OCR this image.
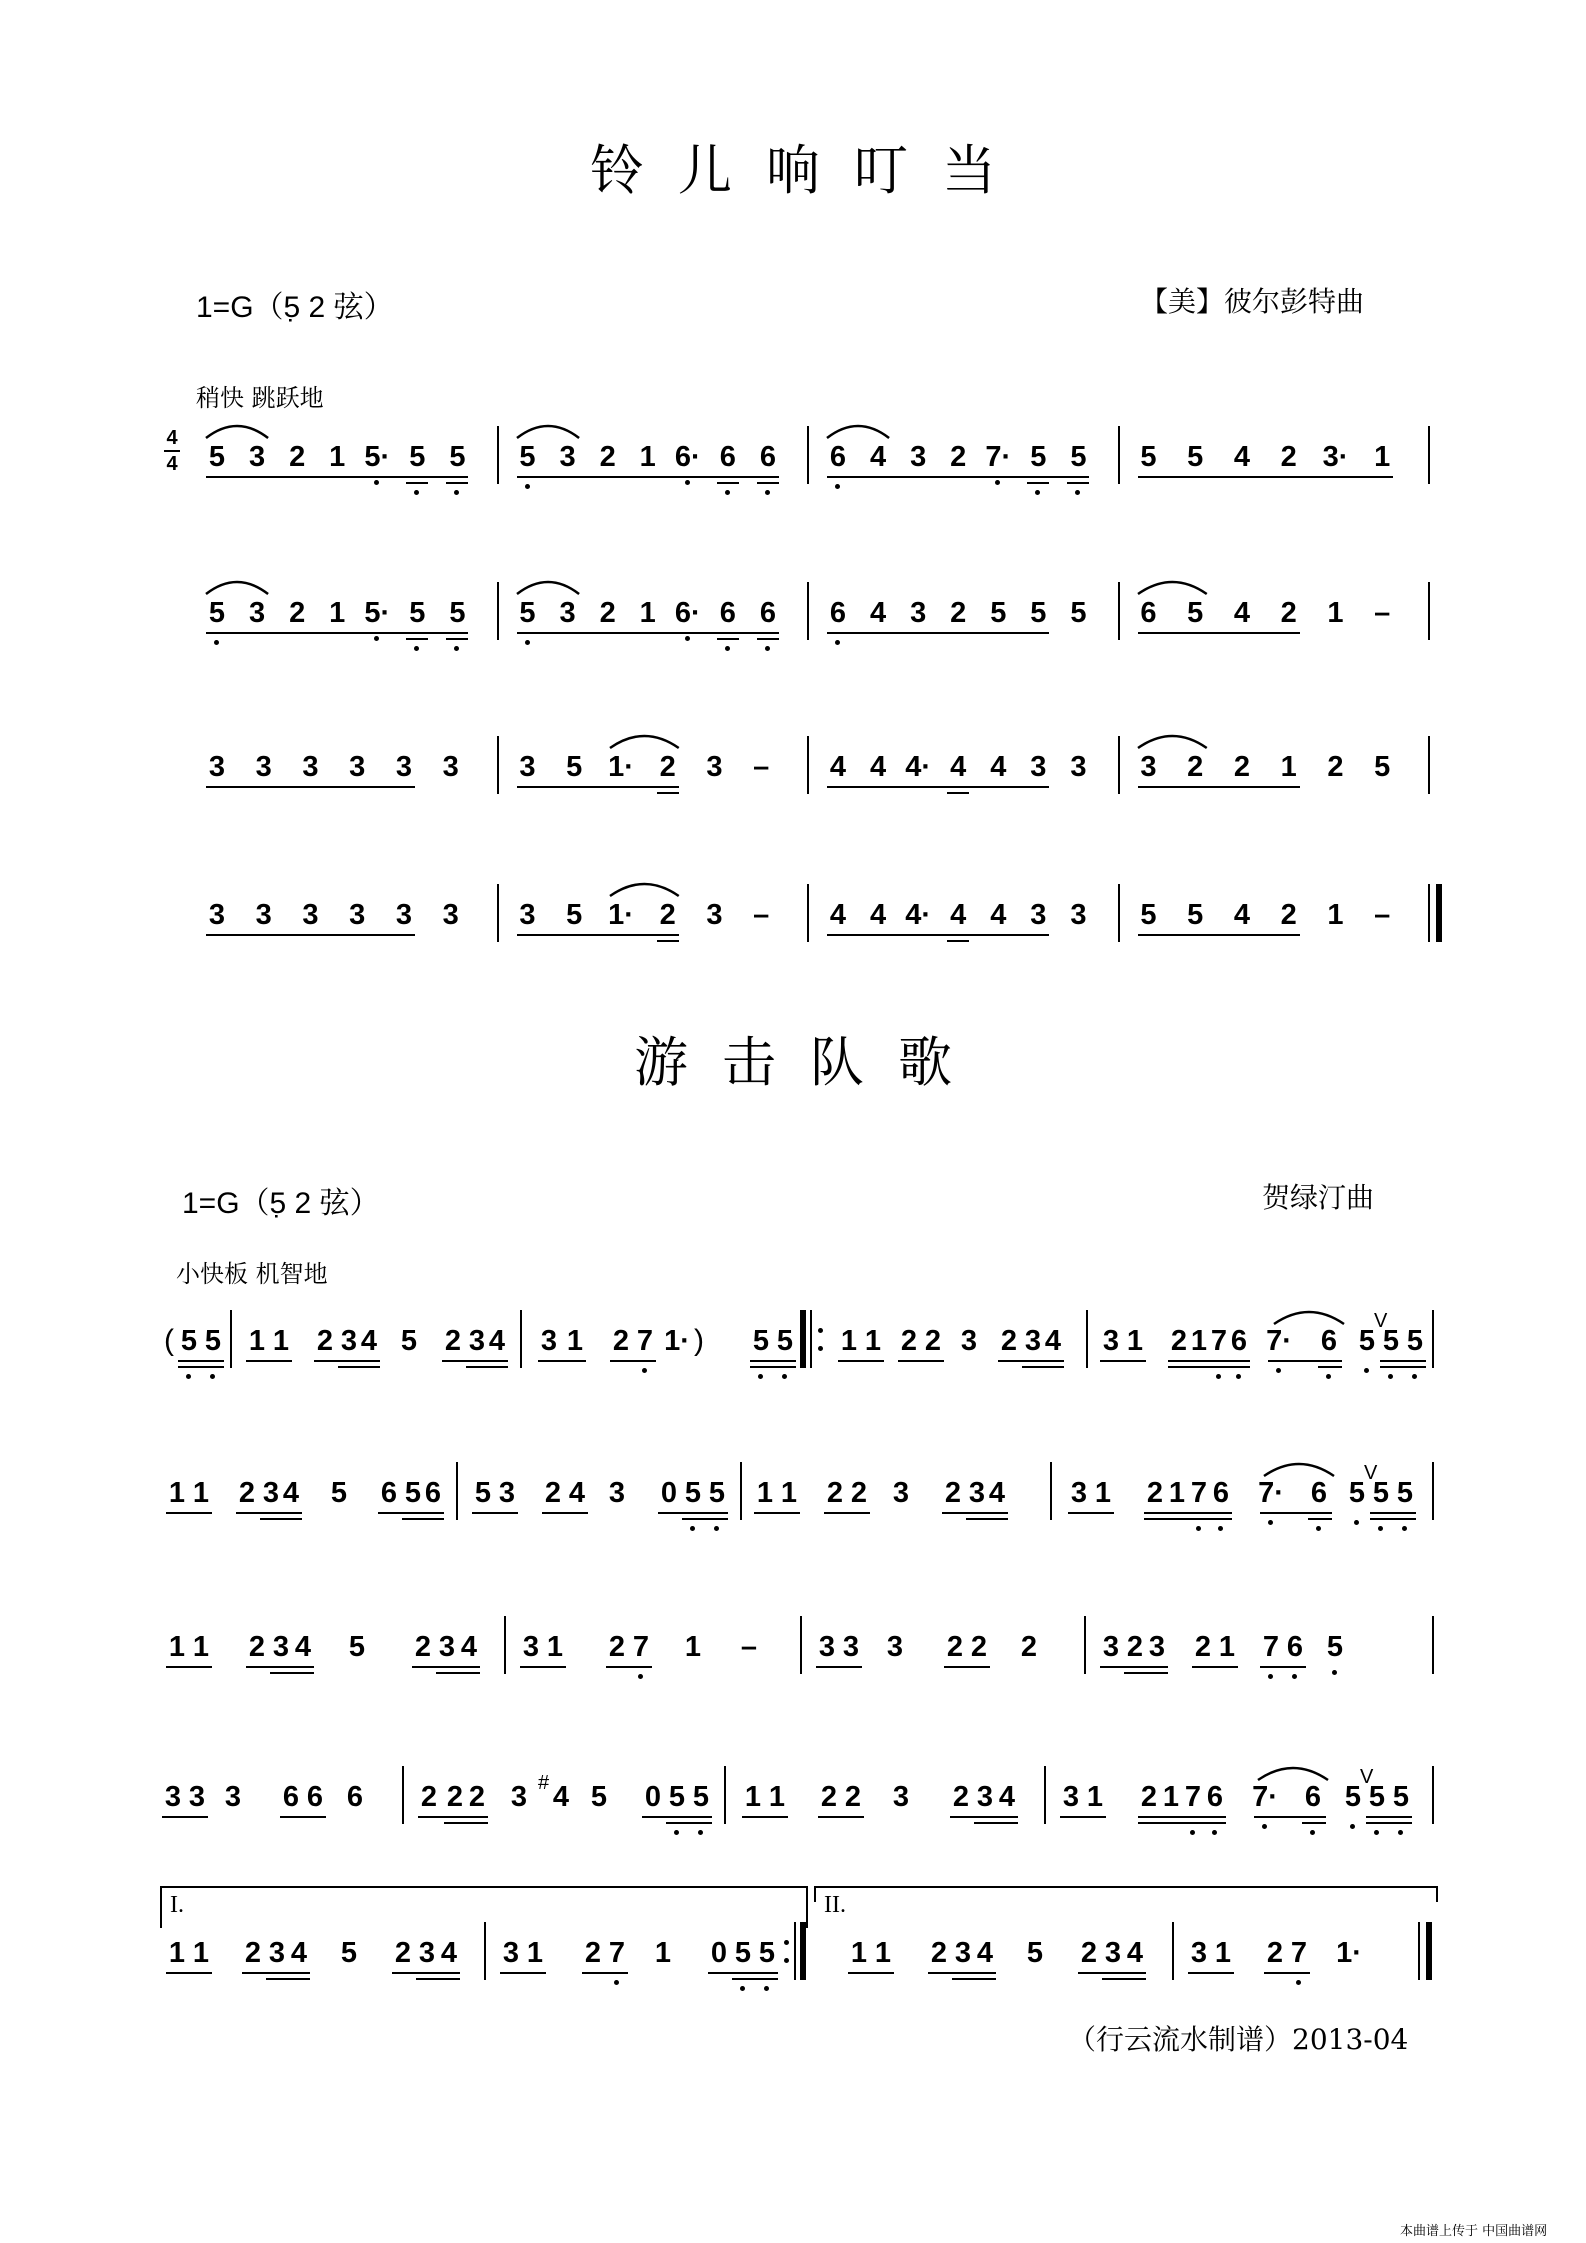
铃儿响叮当
1=G（5̣ 2 弦）	【美】彼尔彭特曲
稍快 跳跃地
4
4 5 3 2 1 5· 5 5 5 3 2 1 6· 6 6 6 4 3 2 7· 5 5 5 5 4 2 3· 1
5 3 2 1 5· 5 5 5 3 2 1 6· 6 6 6 4 3 2 5 5 5 6 5 4 2 1 –
3 3 3 3 3 3 3 5 1· 2 3 – 4 4 4· 4 4 3 3 3 2 2 1 2 5
3 3 3 3 3 3 3 5 1· 2 3 – 4 4 4· 4 4 3 3 5 5 4 2 1 –
游击队歌
1=G（5̣ 2 弦）	贺绿汀曲
小快板 机智地
( 5 5 1 1 2 3 4 5 2 3 4 3 1 2 7 1· ) 5 5 1 1 2 2 3 2 3 4 3 1 2 1 7 6 7· 6 5
V
5 5
1 1 2 3 4 5 6 5 6 5 3 2 4 3 0 5 5 1 1 2 2 3 2 3 4 3 1 2 1 7 6 7· 6 5
V
5 5
1 1 2 3 4 5 2 3 4 3 1 2 7 1 – 3 3 3 2 2 2 3 2 3 2 1 7 6 5
3 3 3 6 6 6 2 2 2 3 # 4 5 0 5 5 1 1 2 2 3 2 3 4 3 1 2 1 7 6 7· 6 5
V
5 5
I.	II.
1 1 2 3 4 5 2 3 4 3 1 2 7 1 0 5 5	1 1 2 3 4 5 2 3 4 3 1 2 7 1·
（行云流水制谱）2013-04
本曲谱上传于 中国曲谱网
